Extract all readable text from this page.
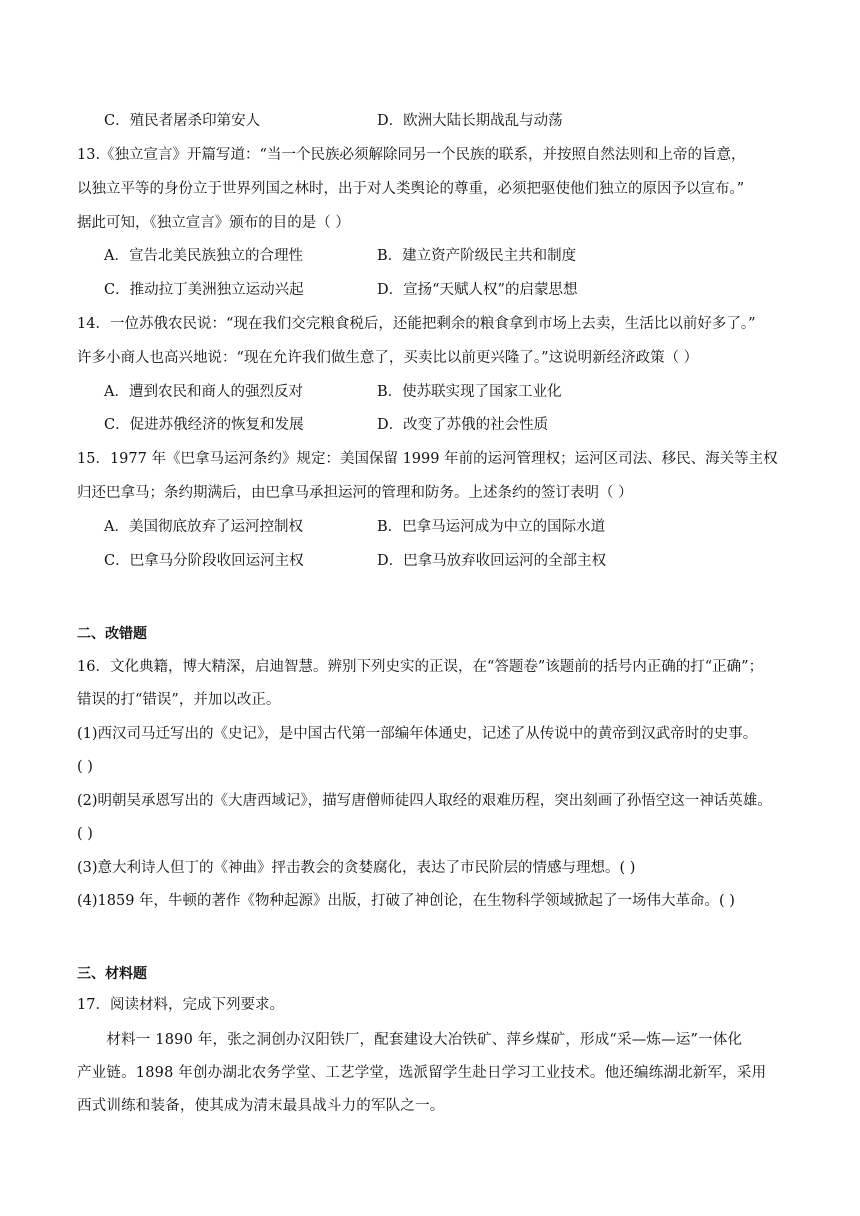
C．殖民者屠杀印第安人	D．欧洲大陆长期战乱与动荡
13.《独立宣言》开篇写道：“当一个民族必须解除同另一个民族的联系，并按照自然法则和上帝的旨意，
以独立平等的身份立于世界列国之林时，出于对人类舆论的尊重，必须把驱使他们独立的原因予以宣布。”
据此可知，《独立宣言》颁布的目的是（ ）
A．宣告北美民族独立的合理性	B．建立资产阶级民主共和制度
C．推动拉丁美洲独立运动兴起	D．宣扬“天赋人权”的启蒙思想
14．一位苏俄农民说：“现在我们交完粮食税后，还能把剩余的粮食拿到市场上去卖，生活比以前好多了。”
许多小商人也高兴地说：“现在允许我们做生意了，买卖比以前更兴隆了。”这说明新经济政策（ ）
A．遭到农民和商人的强烈反对	B．使苏联实现了国家工业化
C．促进苏俄经济的恢复和发展	D．改变了苏俄的社会性质
15．1977 年《巴拿马运河条约》规定：美国保留 1999 年前的运河管理权；运河区司法、移民、海关等主权
归还巴拿马；条约期满后，由巴拿马承担运河的管理和防务。上述条约的签订表明（ ）
A．美国彻底放弃了运河控制权	B．巴拿马运河成为中立的国际水道
C．巴拿马分阶段收回运河主权	D．巴拿马放弃收回运河的全部主权
二、改错题
16．文化典籍，博大精深，启迪智慧。辨别下列史实的正误，在“答题卷”该题前的括号内正确的打“正确”；
错误的打“错误”，并加以改正。
(1)西汉司马迁写出的《史记》，是中国古代第一部编年体通史，记述了从传说中的黄帝到汉武帝时的史事。
( )
(2)明朝吴承恩写出的《大唐西域记》，描写唐僧师徒四人取经的艰难历程，突出刻画了孙悟空这一神话英雄。
( )
(3)意大利诗人但丁的《神曲》抨击教会的贪婪腐化，表达了市民阶层的情感与理想。( )
(4)1859 年，牛顿的著作《物种起源》出版，打破了神创论，在生物科学领域掀起了一场伟大革命。( )
三、材料题
17．阅读材料，完成下列要求。
　　材料一 1890 年，张之洞创办汉阳铁厂，配套建设大冶铁矿、萍乡煤矿，形成“采—炼—运”一体化
产业链。1898 年创办湖北农务学堂、工艺学堂，选派留学生赴日学习工业技术。他还编练湖北新军，采用
西式训练和装备，使其成为清末最具战斗力的军队之一。
